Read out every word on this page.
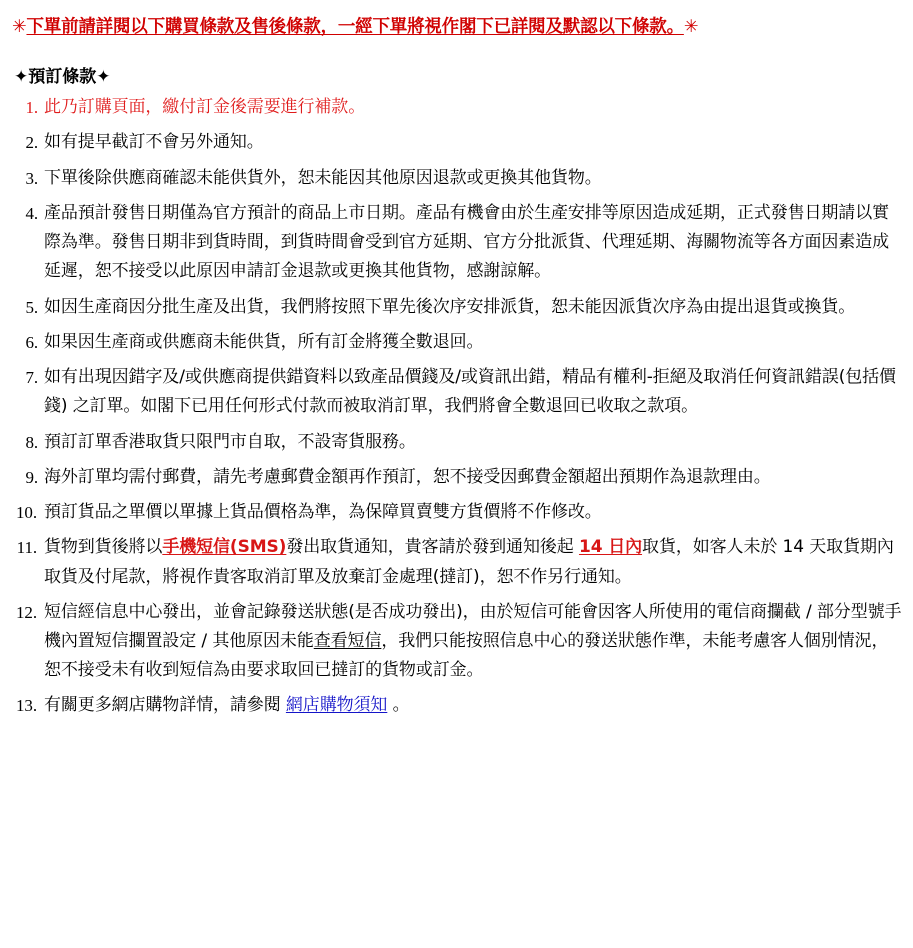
✳下單前請詳閱以下購買條款及售後條款，一經下單將視作閣下已詳閱及默認以下條款。✳
✦預訂條款✦
此乃訂購頁面，繳付訂金後需要進行補款。
如有提早截訂不會另外通知。
下單後除供應商確認未能供貨外，恕未能因其他原因退款或更換其他貨物。
產品預計發售日期僅為官方預計的商品上市日期。產品有機會由於生產安排等原因造成延期，正式發售日期請以實際為準。發售日期非到貨時間，到貨時間會受到官方延期、官方分批派貨、代理延期、海關物流等各方面因素造成延遲，恕不接受以此原因申請訂金退款或更換其他貨物，感謝諒解。
如因生產商因分批生產及出貨，我們將按照下單先後次序安排派貨，恕未能因派貨次序為由提出退貨或換貨。
如果因生產商或供應商未能供貨，所有訂金將獲全數退回。
如有出現因錯字及/或供應商提供錯資料以致產品價錢及/或資訊出錯，精品有權利-拒絕及取消任何資訊錯誤(包括價錢) 之訂單。如閣下已用任何形式付款而被取消訂單，我們將會全數退回已收取之款項。
預訂訂單香港取貨只限門市自取，不設寄貨服務。
海外訂單均需付郵費，請先考慮郵費金額再作預訂，恕不接受因郵費金額超出預期作為退款理由。
預訂貨品之單價以單據上貨品價格為準，為保障買賣雙方貨價將不作修改。
貨物到貨後將以手機短信(SMS)發出取貨通知，貴客請於發到通知後起 14 日內取貨，如客人未於 14 天取貨期內取貨及付尾款，將視作貴客取消訂單及放棄訂金處理(撻訂)，恕不作另行通知。
短信經信息中心發出，並會記錄發送狀態(是否成功發出)，由於短信可能會因客人所使用的電信商攔截 / 部分型號手機內置短信攔置設定 / 其他原因未能查看短信，我們只能按照信息中心的發送狀態作準，未能考慮客人個別情況，恕不接受未有收到短信為由要求取回已撻訂的貨物或訂金。
有關更多網店購物詳情，請參閱 網店購物須知 。
